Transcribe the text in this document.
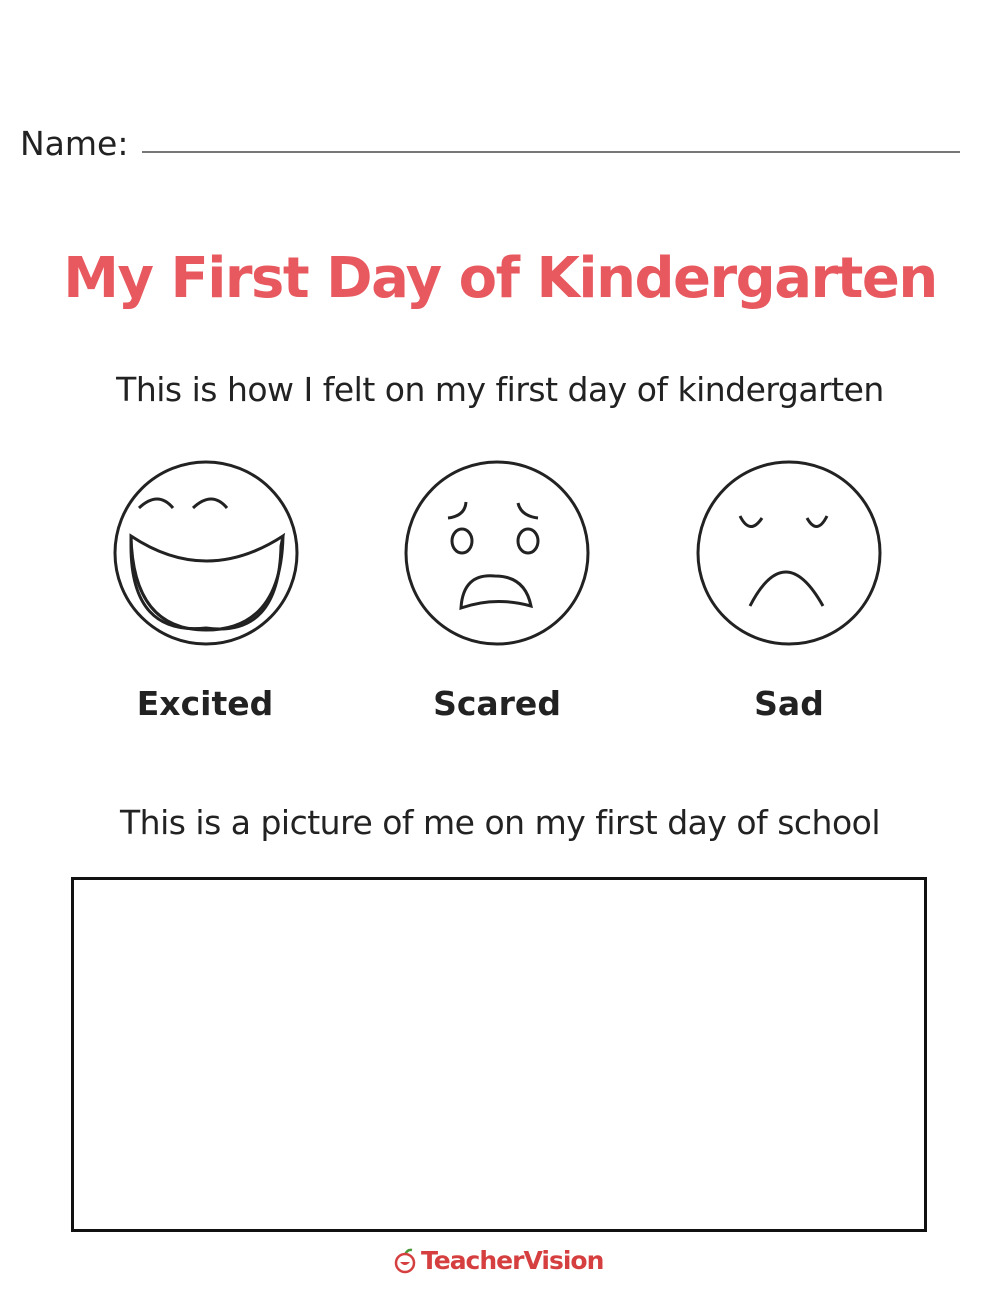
Name:
My First Day of Kindergarten
This is how I felt on my first day of kindergarten
Excited	Scared	Sad
This is a picture of me on my first day of school
TeacherVision
